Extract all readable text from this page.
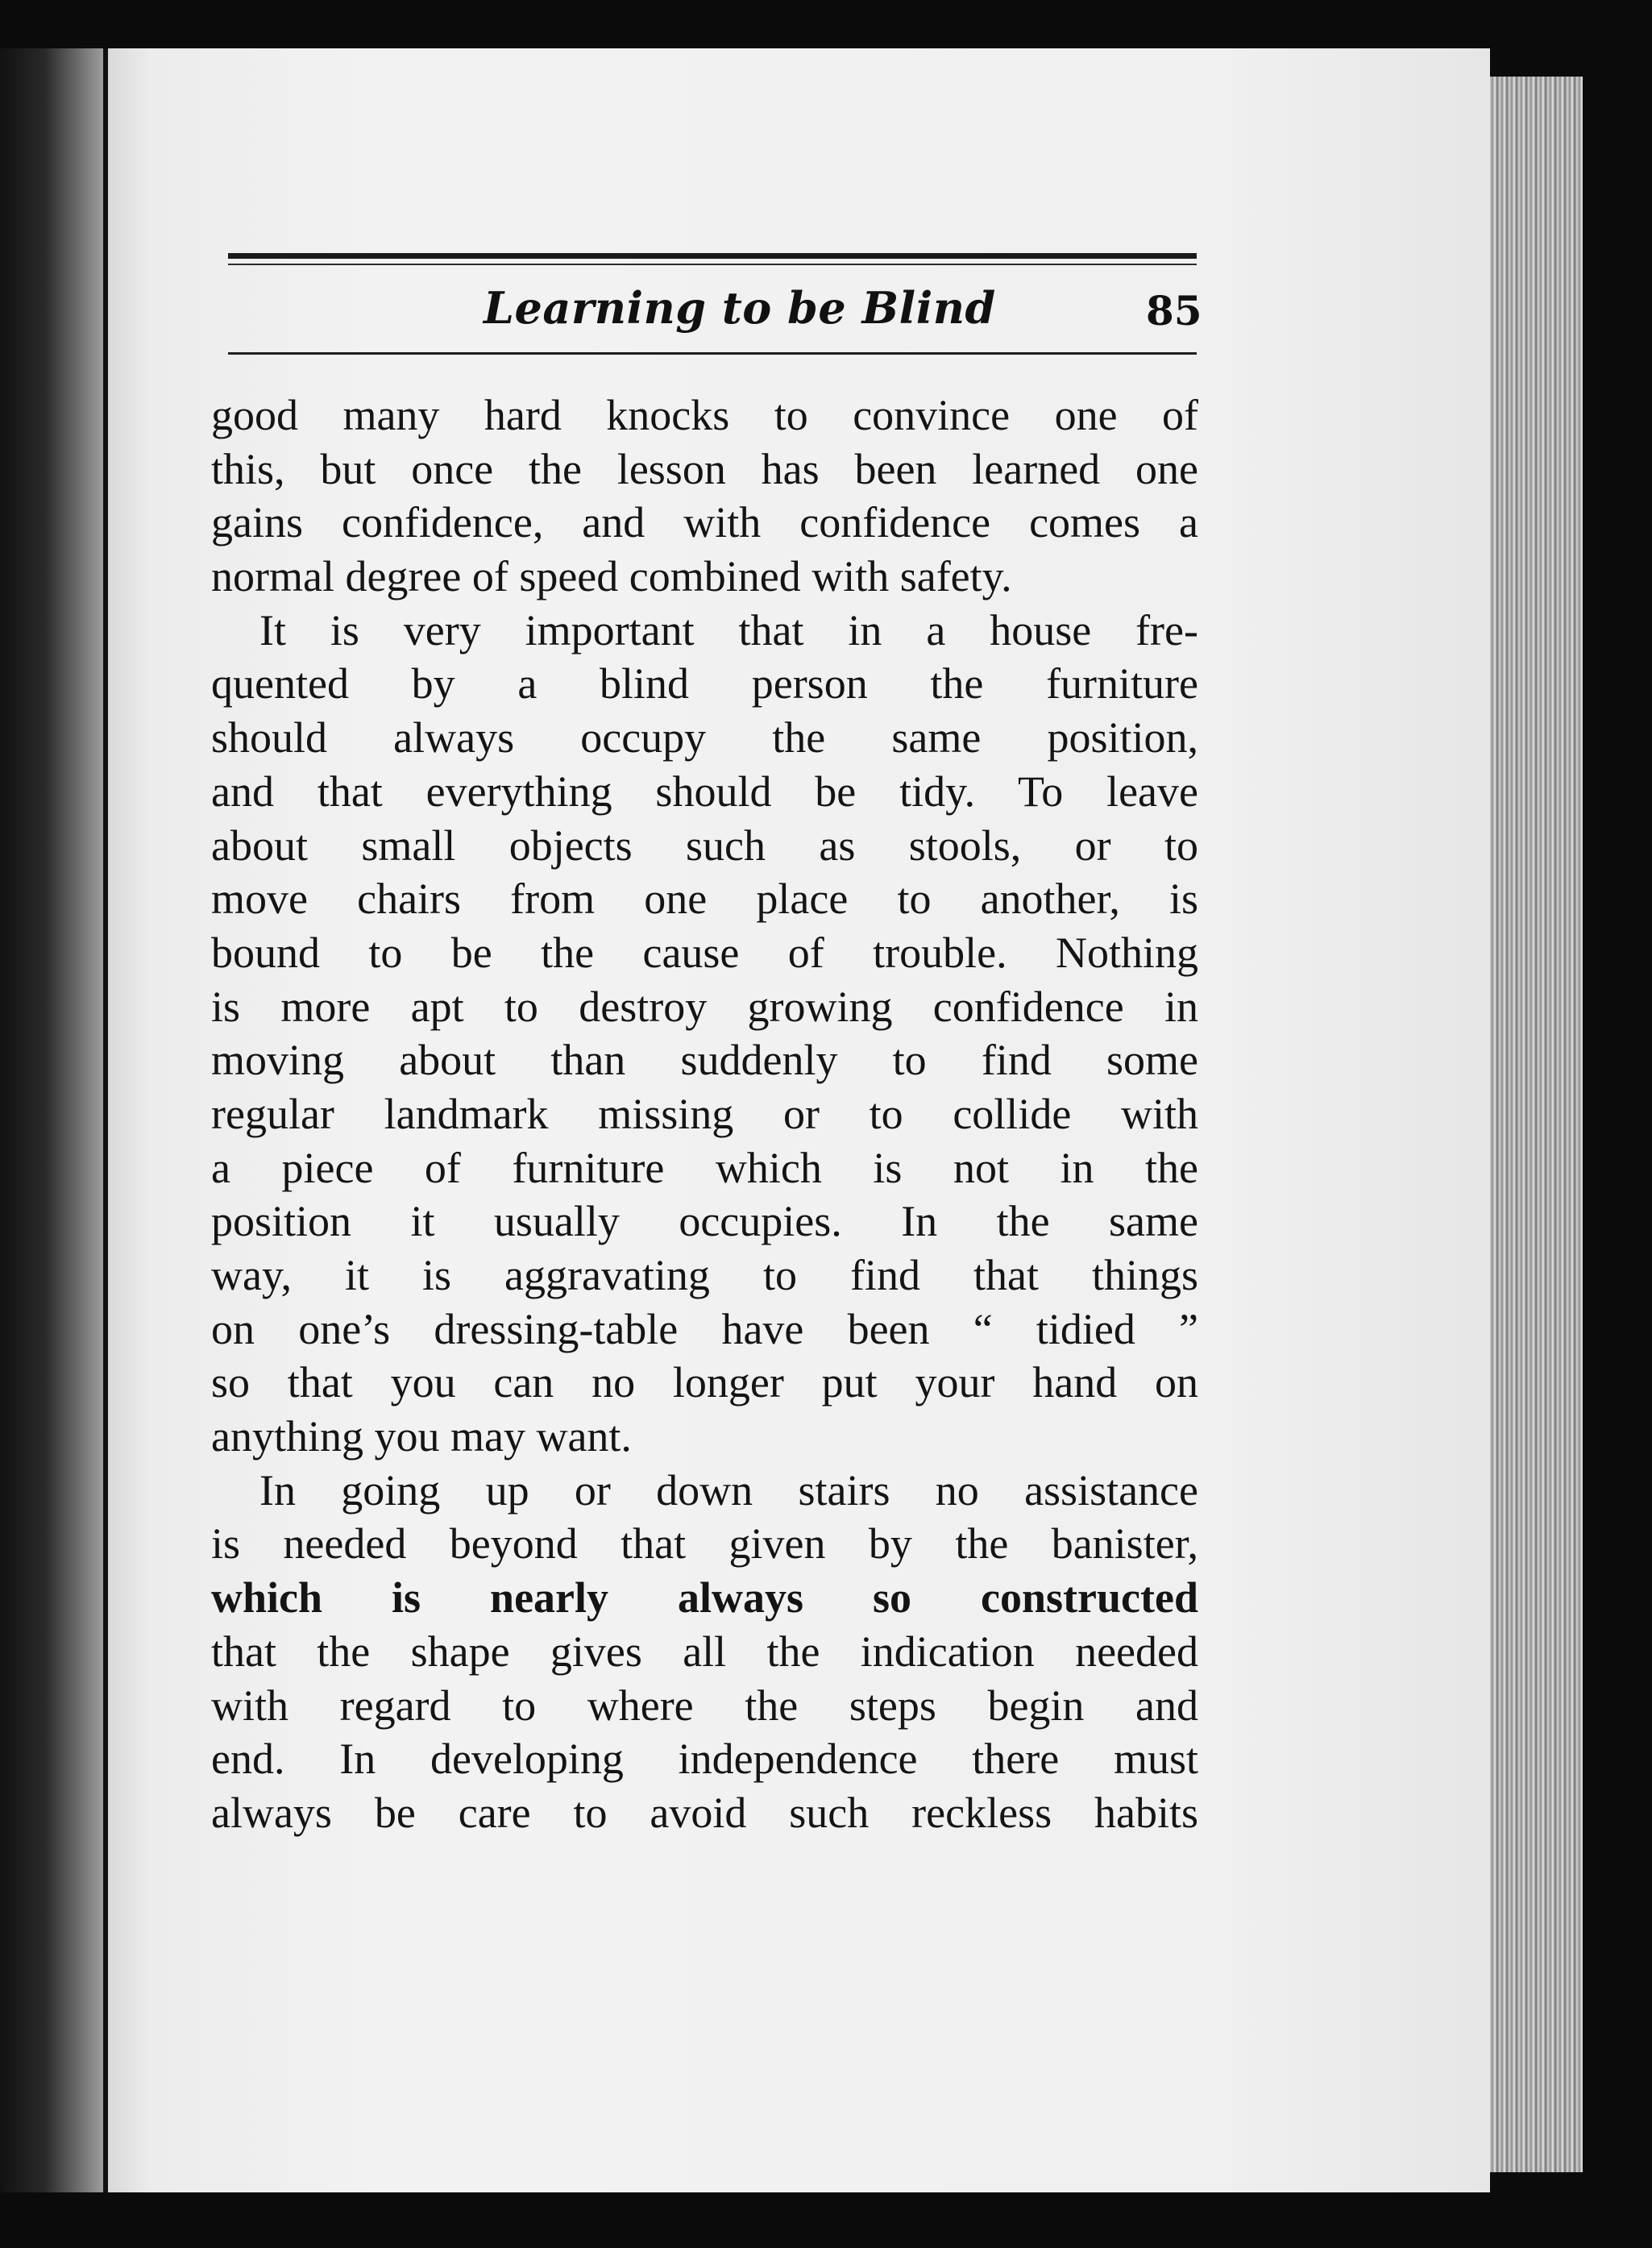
Learning to be Blind	85
good many hard knocks to convince one of
this, but once the lesson has been learned one
gains confidence, and with confidence comes a
normal degree of speed combined with safety.
It is very important that in a house fre-
quented by a blind person the furniture
should always occupy the same position,
and that everything should be tidy. To leave
about small objects such as stools, or to
move chairs from one place to another, is
bound to be the cause of trouble. Nothing
is more apt to destroy growing confidence in
moving about than suddenly to find some
regular landmark missing or to collide with
a piece of furniture which is not in the
position it usually occupies. In the same
way, it is aggravating to find that things
on one’s dressing-table have been “ tidied ”
so that you can no longer put your hand on
anything you may want.
In going up or down stairs no assistance
is needed beyond that given by the banister,
which is nearly always so constructed
that the shape gives all the indication needed
with regard to where the steps begin and
end. In developing independence there must
always be care to avoid such reckless habits
